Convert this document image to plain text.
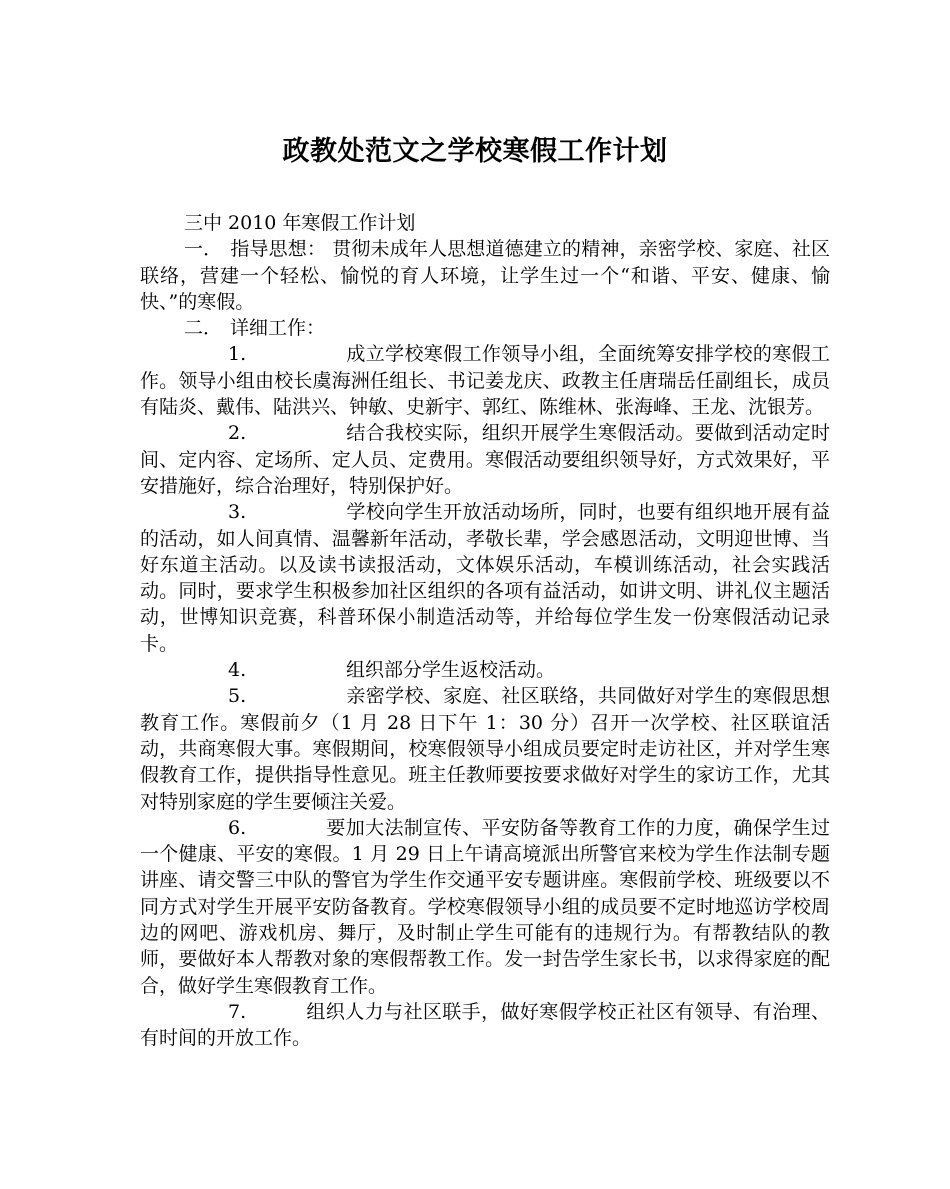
政教处范文之学校寒假工作计划

三中 2010 年寒假工作计划

一． 指导思想： 贯彻未成年人思想道德建立的精神，亲密学校、家庭、社区联络，营建一个轻松、愉悦的育人环境，让学生过一个“和谐、平安、健康、愉快、”的寒假。

二． 详细工作：

1.	成立学校寒假工作领导小组，全面统筹安排学校的寒假工作。领导小组由校长虞海洲任组长、书记姜龙庆、政教主任唐瑞岳任副组长，成员有陆炎、戴伟、陆洪兴、钟敏、史新宇、郭红、陈维林、张海峰、王龙、沈银芳。

2.	结合我校实际，组织开展学生寒假活动。要做到活动定时间、定内容、定场所、定人员、定费用。寒假活动要组织领导好，方式效果好，平安措施好，综合治理好，特别保护好。

3.	学校向学生开放活动场所，同时，也要有组织地开展有益的活动，如人间真情、温馨新年活动，孝敬长辈，学会感恩活动，文明迎世博、当好东道主活动。以及读书读报活动，文体娱乐活动，车模训练活动，社会实践活动。同时，要求学生积极参加社区组织的各项有益活动，如讲文明、讲礼仪主题活动，世博知识竞赛，科普环保小制造活动等，并给每位学生发一份寒假活动记录卡。

4.	组织部分学生返校活动。

5.	亲密学校、家庭、社区联络，共同做好对学生的寒假思想教育工作。寒假前夕（1 月 28 日下午 1：30 分）召开一次学校、社区联谊活动，共商寒假大事。寒假期间，校寒假领导小组成员要定时走访社区，并对学生寒假教育工作，提供指导性意见。班主任教师要按要求做好对学生的家访工作，尤其对特别家庭的学生要倾注关爱。

6.	要加大法制宣传、平安防备等教育工作的力度，确保学生过一个健康、平安的寒假。1 月 29 日上午请高境派出所警官来校为学生作法制专题讲座、请交警三中队的警官为学生作交通平安专题讲座。寒假前学校、班级要以不同方式对学生开展平安防备教育。学校寒假领导小组的成员要不定时地巡访学校周边的网吧、游戏机房、舞厅，及时制止学生可能有的违规行为。有帮教结队的教师，要做好本人帮教对象的寒假帮教工作。发一封告学生家长书，以求得家庭的配合，做好学生寒假教育工作。

7.	组织人力与社区联手，做好寒假学校正社区有领导、有治理、有时间的开放工作。
